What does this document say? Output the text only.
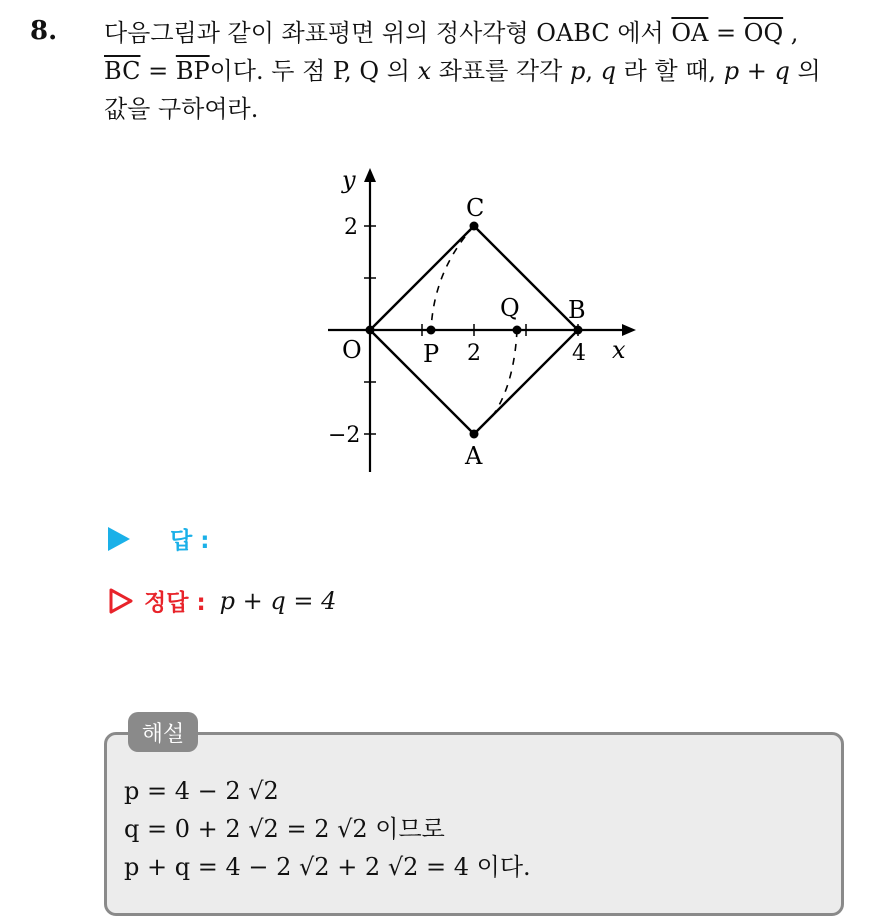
8. 다음그림과 같이 좌표평면 위의 정사각형 OABC 에서 $\overline{OA} = \overline{OQ}$ ,
$\overline{BC} = \overline{BP}$이다. 두 점 P, Q 의 x 좌표를 각각 p, q 라 할 때, p + q 의
값을 구하여라.
y
x
2
−2
2	4
O
A
B
C
P
Q
답 :
정답 : p + q = 4
해설
p = 4 − 2 √2
q = 0 + 2 √2 = 2 √2 이므로
p + q = 4 − 2 √2 + 2 √2 = 4 이다.
